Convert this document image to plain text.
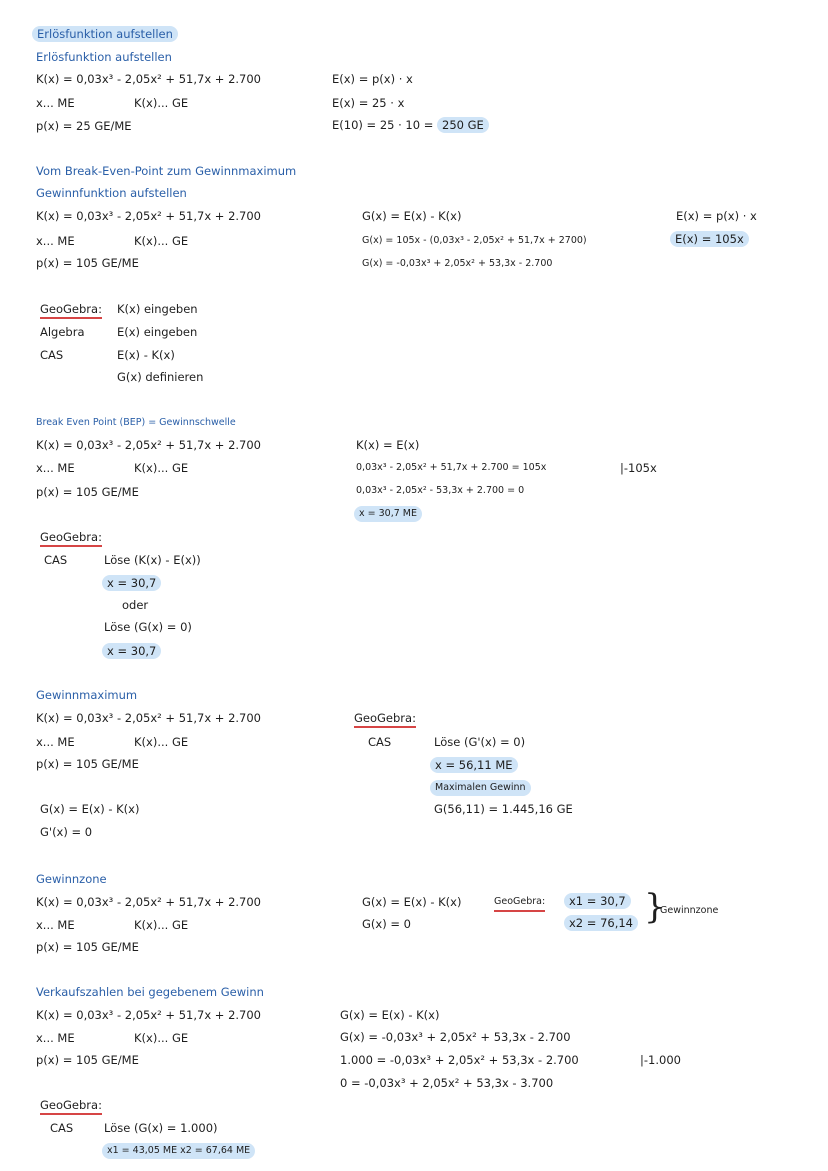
Erlösfunktion aufstellen
Erlösfunktion aufstellen
K(x) = 0,03x³ - 2,05x² + 51,7x + 2.700
x... ME	K(x)... GE
p(x) = 25 GE/ME
E(x) = p(x) · x
E(x) = 25 · x
E(10) = 25 · 10 = 250 GE
Vom Break-Even-Point zum Gewinnmaximum
Gewinnfunktion aufstellen
K(x) = 0,03x³ - 2,05x² + 51,7x + 2.700
x... ME	K(x)... GE
p(x) = 105 GE/ME
G(x) = E(x) - K(x)
G(x) = 105x - (0,03x³ - 2,05x² + 51,7x + 2700)
G(x) = -0,03x³ + 2,05x² + 53,3x - 2.700
E(x) = p(x) · x
E(x) = 105x
GeoGebra:
Algebra
CAS
K(x) eingeben
E(x) eingeben
E(x) - K(x)
G(x) definieren
Break Even Point (BEP) = Gewinnschwelle
K(x) = 0,03x³ - 2,05x² + 51,7x + 2.700
x... ME	K(x)... GE
p(x) = 105 GE/ME
K(x) = E(x)
0,03x³ - 2,05x² + 51,7x + 2.700 = 105x
0,03x³ - 2,05x² - 53,3x + 2.700 = 0
x = 30,7 ME
|-105x
GeoGebra:
CAS	Löse (K(x) - E(x))
x = 30,7
oder
Löse (G(x) = 0)
x = 30,7
Gewinnmaximum
K(x) = 0,03x³ - 2,05x² + 51,7x + 2.700
x... ME	K(x)... GE
p(x) = 105 GE/ME
G(x) = E(x) - K(x)
G'(x) = 0
GeoGebra:
CAS	Löse (G'(x) = 0)
x = 56,11 ME
Maximalen Gewinn
G(56,11) = 1.445,16 GE
Gewinnzone
K(x) = 0,03x³ - 2,05x² + 51,7x + 2.700
x... ME	K(x)... GE
p(x) = 105 GE/ME
G(x) = E(x) - K(x)
G(x) = 0
GeoGebra:	x1 = 30,7
x2 = 76,14 }
Gewinnzone
Verkaufszahlen bei gegebenem Gewinn
K(x) = 0,03x³ - 2,05x² + 51,7x + 2.700
x... ME	K(x)... GE
p(x) = 105 GE/ME
G(x) = E(x) - K(x)
G(x) = -0,03x³ + 2,05x² + 53,3x - 2.700
1.000 = -0,03x³ + 2,05x² + 53,3x - 2.700
0 = -0,03x³ + 2,05x² + 53,3x - 3.700
|-1.000
GeoGebra:
CAS	Löse (G(x) = 1.000)
x1 = 43,05 ME x2 = 67,64 ME
